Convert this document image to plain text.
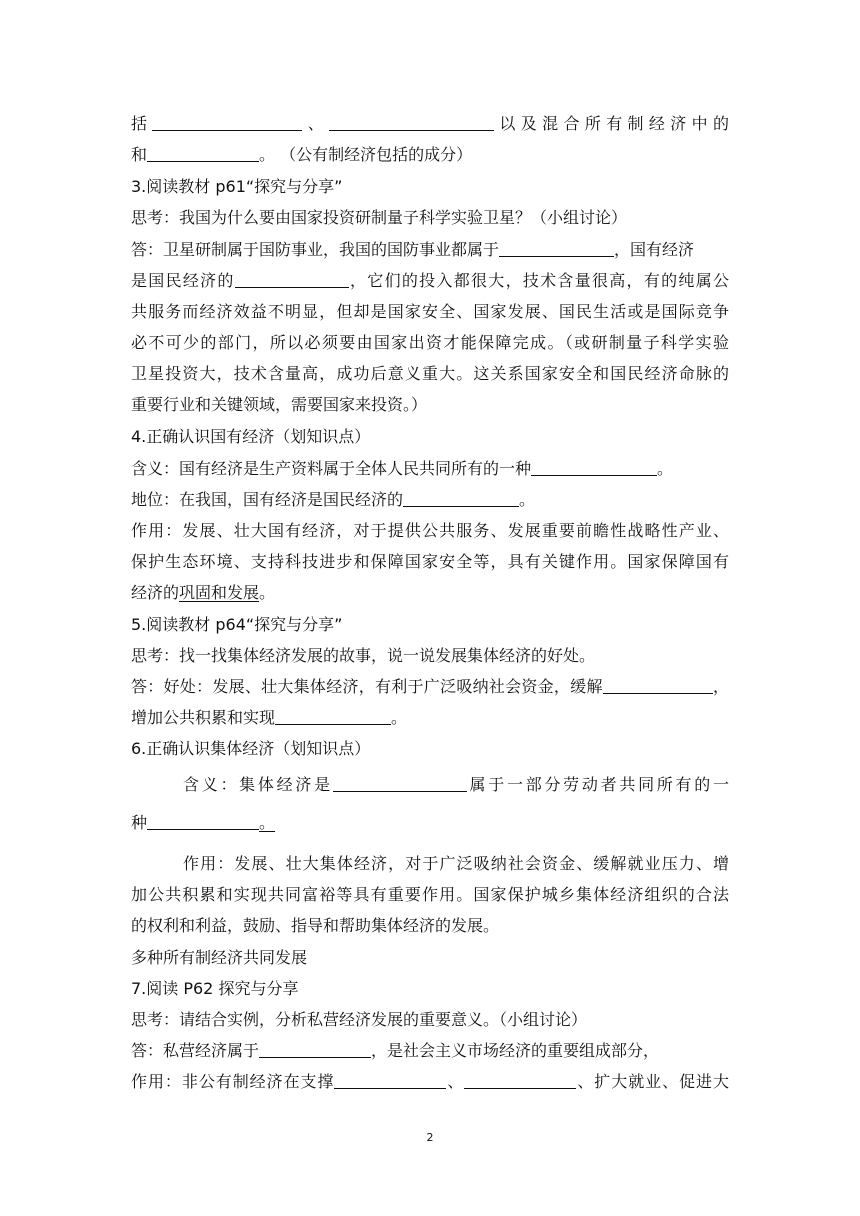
括	、	以及混合所有制经济中的
和	。 （公有制经济包括的成分）
3.阅读教材 p61“探究与分享”
思考：我国为什么要由国家投资研制量子科学实验卫星？（小组讨论）
答：卫星研制属于国防事业，我国的国防事业都属于	，国有经济
是国民经济的	，它们的投入都很大，技术含量很高，有的纯属公
共服务而经济效益不明显，但却是国家安全、国家发展、国民生活或是国际竞争
必不可少的部门，所以必须要由国家出资才能保障完成。（或研制量子科学实验
卫星投资大，技术含量高，成功后意义重大。这关系国家安全和国民经济命脉的
重要行业和关键领域，需要国家来投资。）
4.正确认识国有经济（划知识点）
含义：国有经济是生产资料属于全体人民共同所有的一种	。
地位：在我国，国有经济是国民经济的	。
作用：发展、壮大国有经济，对于提供公共服务、发展重要前瞻性战略性产业、
保护生态环境、支持科技进步和保障国家安全等，具有关键作用。国家保障国有
经济的巩固和发展。
5.阅读教材 p64“探究与分享”
思考：找一找集体经济发展的故事，说一说发展集体经济的好处。
答：好处：发展、壮大集体经济，有利于广泛吸纳社会资金，缓解	，
增加公共积累和实现	。
6.正确认识集体经济（划知识点）
含义：集体经济是	属于一部分劳动者共同所有的一
种	。
作用：发展、壮大集体经济，对于广泛吸纳社会资金、缓解就业压力、增
加公共积累和实现共同富裕等具有重要作用。国家保护城乡集体经济组织的合法
的权利和利益，鼓励、指导和帮助集体经济的发展。
多种所有制经济共同发展
7.阅读 P62 探究与分享
思考：请结合实例，分析私营经济发展的重要意义。（小组讨论）
答：私营经济属于	，是社会主义市场经济的重要组成部分，
作用：非公有制经济在支撑	、	、扩大就业、促进大
2
